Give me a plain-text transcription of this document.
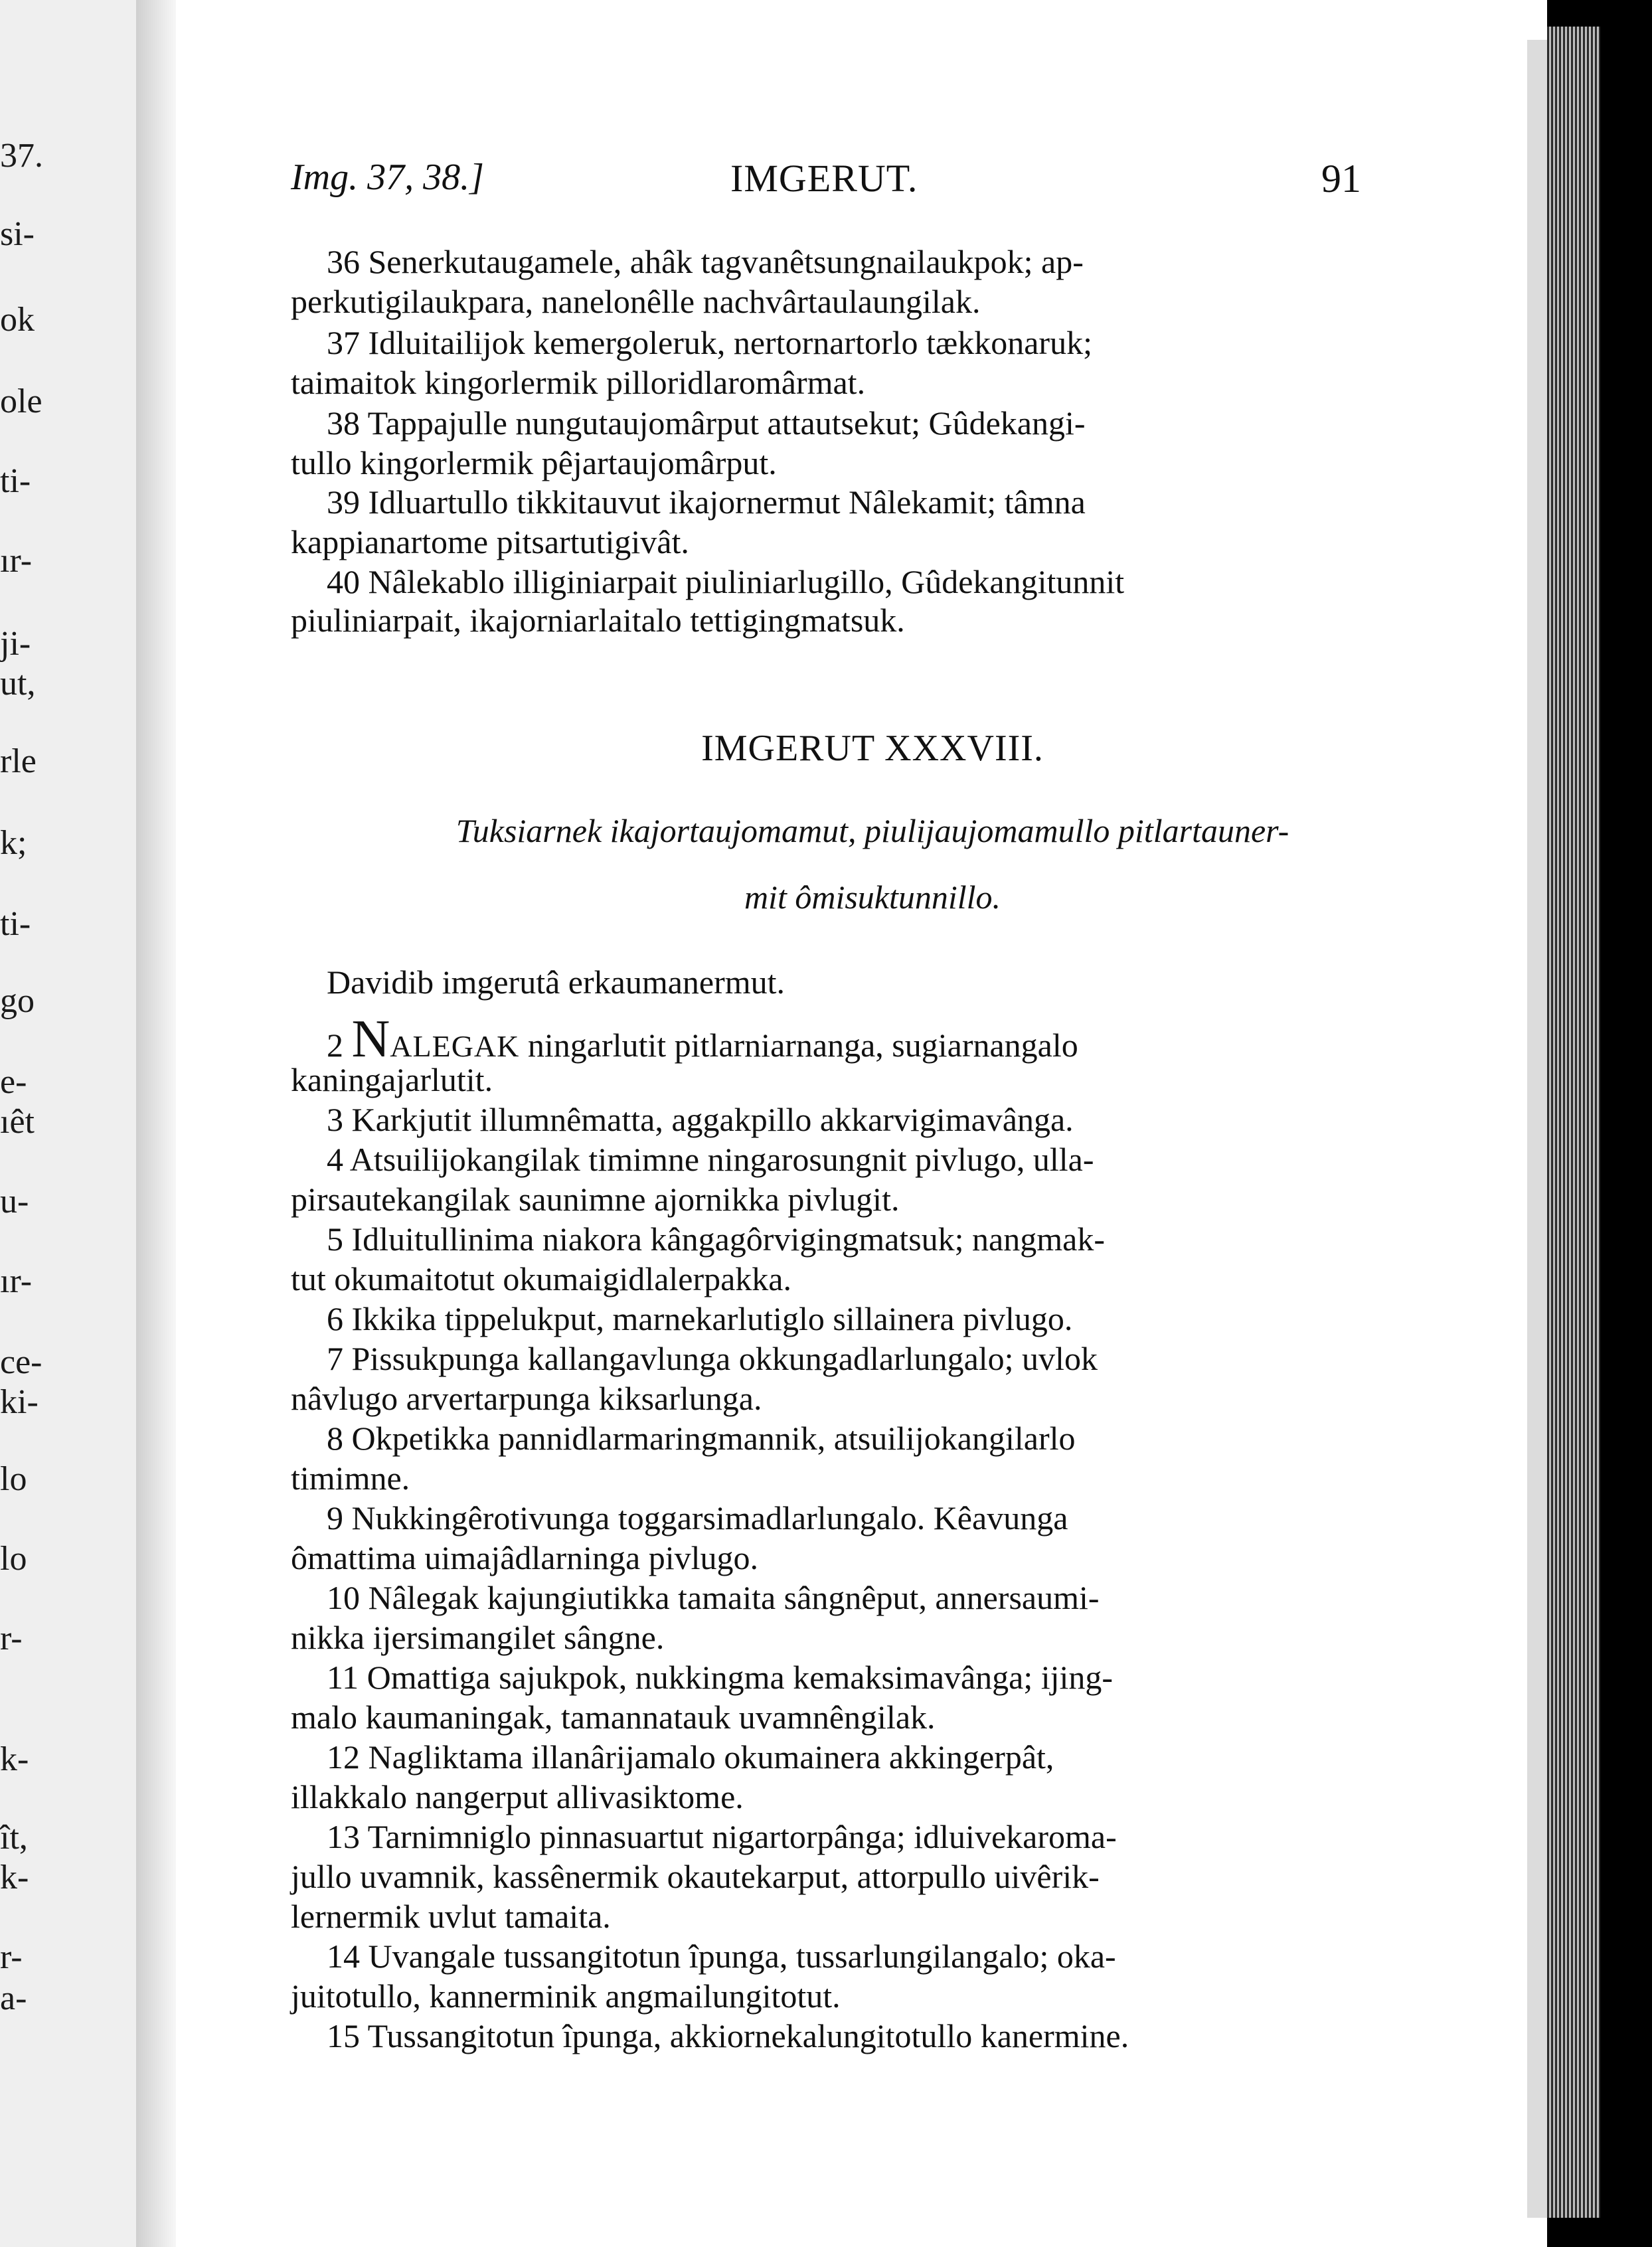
37.
si-
ok
ole
ti-
ır-
ji-
ut,
rle
k;
ti-
go
e-
ıêt
u-
ır-
ce-
ki-
lo
lo
r-
k-
ît,
k-
r-
a-
Img. 37, 38.]	IMGERUT.	91
36 Senerkutaugamele, ahâk tagvanêtsungnailaukpok; ap-
perkutigilaukpara, nanelonêlle nachvârtaulaungilak.
37 Idluitailijok kemergoleruk, nertornartorlo tækkonaruk;
taimaitok kingorlermik pilloridlaromârmat.
38 Tappajulle nungutaujomârput attautsekut; Gûdekangi-
tullo kingorlermik pêjartaujomârput.
39 Idluartullo tikkitauvut ikajornermut Nâlekamit; tâmna
kappianartome pitsartutigivât.
40 Nâlekablo illiginiarpait piuliniarlugillo, Gûdekangitunnit
piuliniarpait, ikajorniarlaitalo tettigingmatsuk.
IMGERUT XXXVIII.
Tuksiarnek ikajortaujomamut, piulijaujomamullo pitlartauner-
mit ômisuktunnillo.
Davidib imgerutâ erkaumanermut.
2 NALEGAK ningarlutit pitlarniarnanga, sugiarnangalo
kaningajarlutit.
3 Karkjutit illumnêmatta, aggakpillo akkarvigimavânga.
4 Atsuilijokangilak timimne ningarosungnit pivlugo, ulla-
pirsautekangilak saunimne ajornikka pivlugit.
5 Idluitullinima niakora kângagôrvigingmatsuk; nangmak-
tut okumaitotut okumaigidlalerpakka.
6 Ikkika tippelukput, marnekarlutiglo sillainera pivlugo.
7 Pissukpunga kallangavlunga okkungadlarlungalo; uvlok
nâvlugo arvertarpunga kiksarlunga.
8 Okpetikka pannidlarmaringmannik, atsuilijokangilarlo
timimne.
9 Nukkingêrotivunga toggarsimadlarlungalo. Kêavunga
ômattima uimajâdlarninga pivlugo.
10 Nâlegak kajungiutikka tamaita sângnêput, annersaumi-
nikka ijersimangilet sângne.
11 Omattiga sajukpok, nukkingma kemaksimavânga; ijing-
malo kaumaningak, tamannatauk uvamnêngilak.
12 Nagliktama illanârijamalo okumainera akkingerpât,
illakkalo nangerput allivasiktome.
13 Tarnimniglo pinnasuartut nigartorpânga; idluivekaroma-
jullo uvamnik, kassênermik okautekarput, attorpullo uivêrik-
lernermik uvlut tamaita.
14 Uvangale tussangitotun îpunga, tussarlungilangalo; oka-
juitotullo, kannerminik angmailungitotut.
15 Tussangitotun îpunga, akkiornekalungitotullo kanermine.
